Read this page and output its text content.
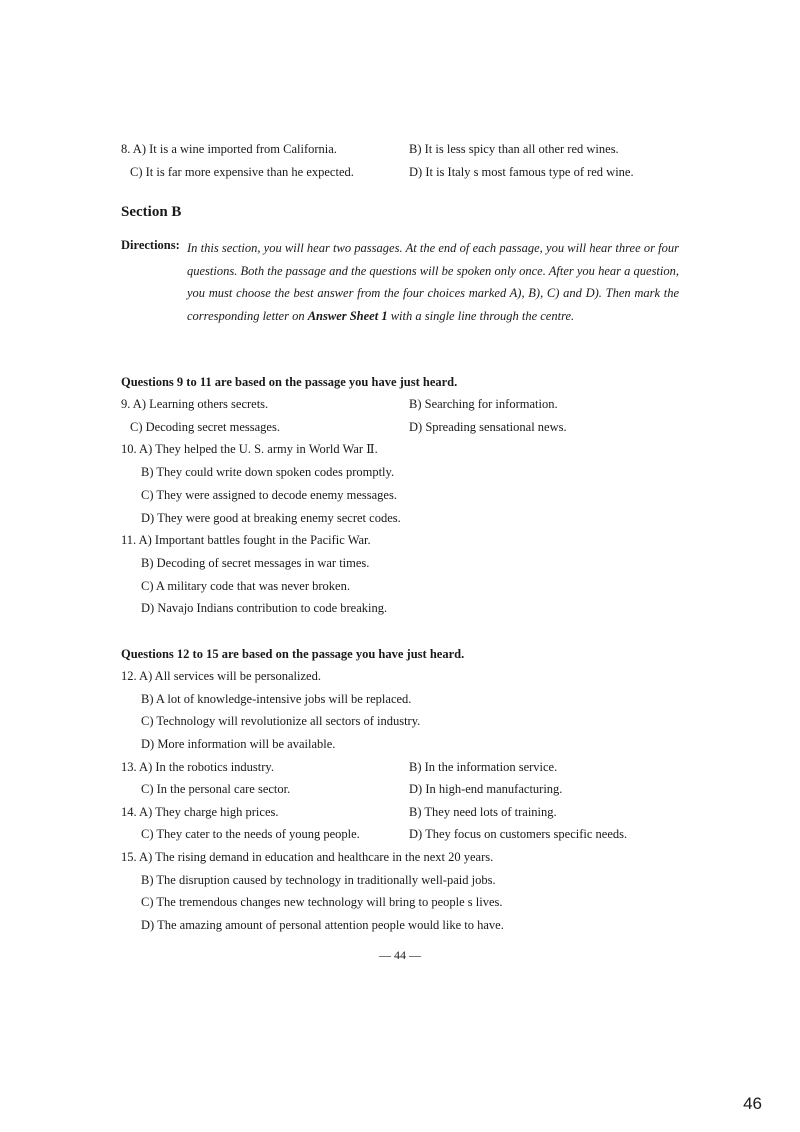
8. A) It is a wine imported from California.	B) It is less spicy than all other red wines.
C) It is far more expensive than he expected.	D) It is Italy s most famous type of red wine.
Section B
Directions: In this section, you will hear two passages. At the end of each passage, you will hear three or four questions. Both the passage and the questions will be spoken only once. After you hear a question, you must choose the best answer from the four choices marked A), B), C) and D). Then mark the corresponding letter on Answer Sheet 1 with a single line through the centre.
Questions 9 to 11 are based on the passage you have just heard.
9. A) Learning others secrets.	B) Searching for information.
C) Decoding secret messages.	D) Spreading sensational news.
10. A) They helped the U. S. army in World War Ⅱ.
B) They could write down spoken codes promptly.
C) They were assigned to decode enemy messages.
D) They were good at breaking enemy secret codes.
11. A) Important battles fought in the Pacific War.
B) Decoding of secret messages in war times.
C) A military code that was never broken.
D) Navajo Indians contribution to code breaking.
Questions 12 to 15 are based on the passage you have just heard.
12. A) All services will be personalized.
B) A lot of knowledge-intensive jobs will be replaced.
C) Technology will revolutionize all sectors of industry.
D) More information will be available.
13. A) In the robotics industry.	B) In the information service.
C) In the personal care sector.	D) In high-end manufacturing.
14. A) They charge high prices.	B) They need lots of training.
C) They cater to the needs of young people.	D) They focus on customers specific needs.
15. A) The rising demand in education and healthcare in the next 20 years.
B) The disruption caused by technology in traditionally well-paid jobs.
C) The tremendous changes new technology will bring to people s lives.
D) The amazing amount of personal attention people would like to have.
— 44 —
46
